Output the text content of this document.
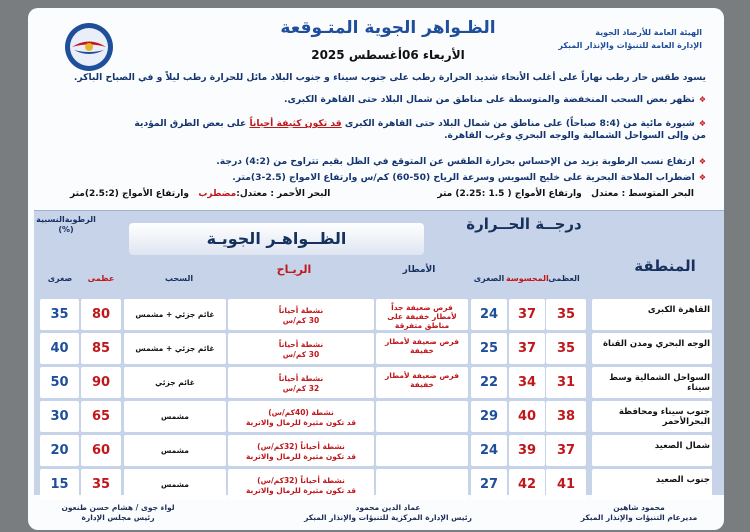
الظـواهر الجوية المتـوقعة
الأربعاء 06أغسطس 2025
الهيئة العامة للأرصاد الجوية
الإدارة العامة للتنبؤات والإنذار المبكر
يسود طقس حار رطب نهاراً على أغلب الأنحاء شديد الحرارة رطب على جنوب سيناء و جنوب البلاد مائل للحرارة رطب ليلاً و في الصباح الباكر.
❖تظهر بعض السحب المنخفضة والمتوسطة على مناطق من شمال البلاد حتى القاهرة الكبرى.
❖شبورة مائية من (8:4 صباحاً) على مناطق من شمال البلاد حتى القاهرة الكبرى قد تكون كثيفة أحياناً على بعض الطرق المؤدية
من وإلى السواحل الشمالية والوجه البحري وغرب القاهرة.
❖ارتفاع نسب الرطوبة يزيد من الإحساس بحرارة الطقس عن المتوقع في الظل بقيم تتراوح من (4:2) درجة.
❖اضطراب الملاحة البحرية على خليج السويس وسرعة الرياح (50-60) كم/س وارتفاع الامواج (2.5-3)متر.
البحر المتوسط : معتدل   وارتفاع الأمواج ( 1.5 :2.25) متر
البحر الأحمر : معتدل:مضطرب   وارتفاع الأمواج (2.5:2)متر
الرطوبةالنسبية (%)	الظــواهـر الجويـة
درجــة الحــرارة
المنطقة
العظمى
المحسوسة
الصغرى
الأمطار
الريـاح
السحب
عظمى
صغرى
القاهرة الكبرى
35
37
24
فرص ضعيفة جداً لأمطار خفيفة على مناطق متفرقة
نشطة أحياناً
30 كم/س
غائم جزئي + مشمس
80
35
الوجه البحري ومدن القناة
35
37
25
فرص ضعيفة لأمطار خفيفة
نشطة أحياناً
30 كم/س
غائم جزئي + مشمس
85
40
السواحل الشمالية وسط سيناء
31
34
22
فرص ضعيفة لأمطار خفيفة
نشطة أحياناً
32 كم/س
غائم جزئي
90
50
جنوب سيناء ومحافظة البحرالأحمر
38
40
29
نشطة (40كم/س)
قد تكون مثيرة للرمال والاتربة
مشمس
65
30
شمال الصعيد
37
39
24
نشطة أحياناً (32كم/س)
قد تكون مثيرة للرمال والاتربة
مشمس
60
20
جنوب الصعيد
41
42
27
نشطة أحياناً (32كم/س)
قد تكون مثيرة للرمال والاتربة
مشمس
35
15
محمود شاهين
مديرعام التنبؤات والإنذار المبكر
عماد الدين محمود
رئيس الإدارة المركزية للتنبؤات والإنذار المبكر
لواء جوى / هشام حسن طنعون
رئيس مجلس الإدارة
